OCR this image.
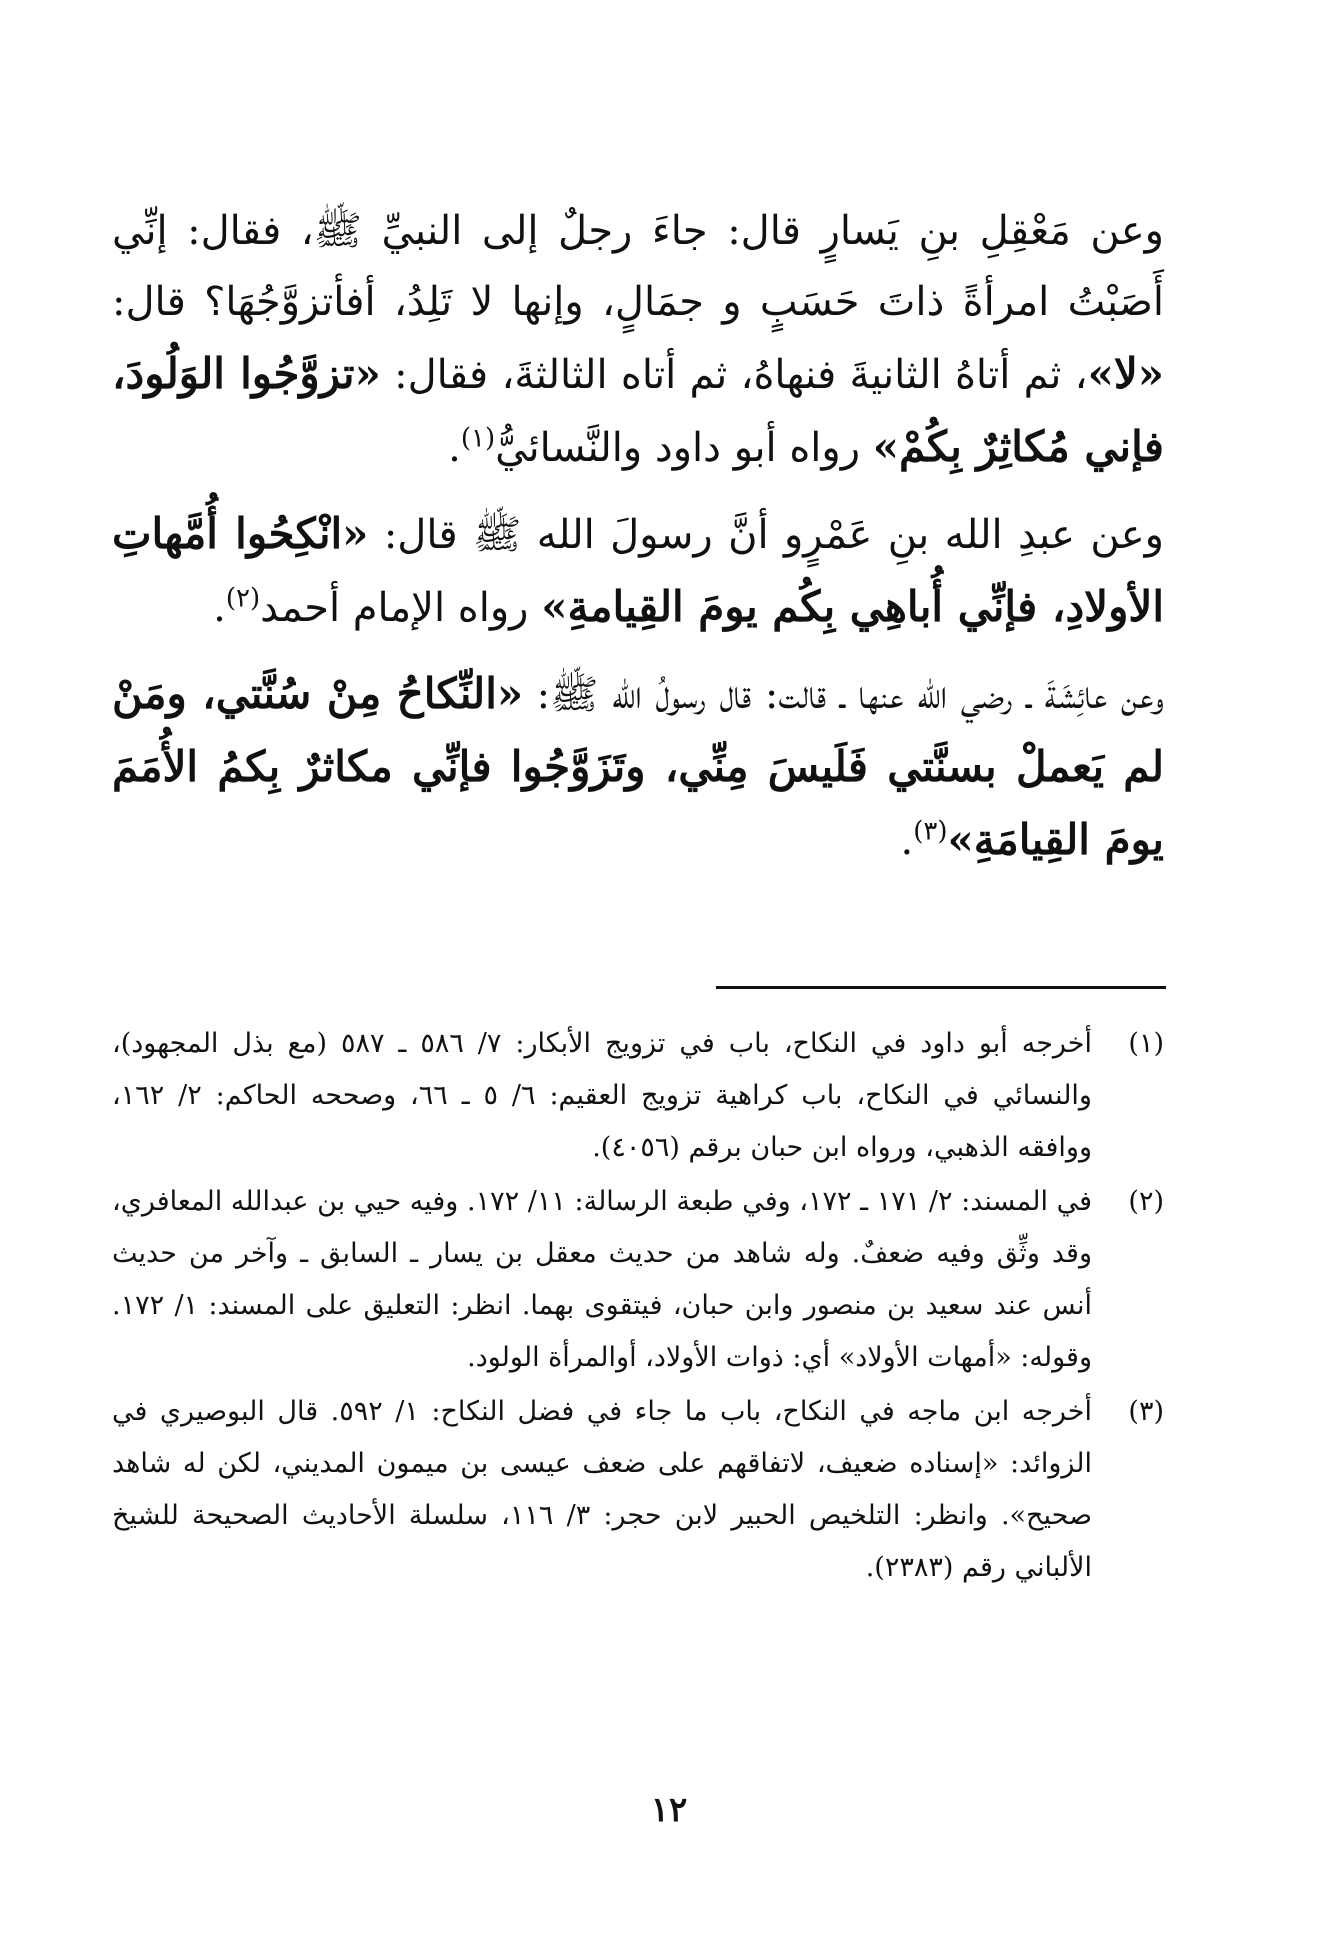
وعن مَعْقِلِ بنِ يَسارٍ قال: جاءَ رجلٌ إلى النبيِّ ﷺ، فقال: إنِّي أَصَبْتُ امرأةً ذاتَ حَسَبٍ و جمَالٍ، وإنها لا تَلِدُ، أفأتزوَّجُهَا؟ قال: «لا»، ثم أتاهُ الثانيةَ فنهاهُ، ثم أتاه الثالثةَ، فقال: «تزوَّجُوا الوَلُودَ، فإني مُكاثِرٌ بِكُمْ» رواه أبو داود والنَّسائيُّ$^{(١)}$.

وعن عبدِ الله بنِ عَمْرٍو أنَّ رسولَ الله ﷺ قال: «انْكِحُوا أُمَّهاتِ الأولادِ، فإنِّي أُباهِي بِكُم يومَ القِيامةِ» رواه الإمام أحمد$^{(٢)}$.

وعن عائِشَةَ ـ رضي الله عنها ـ قالت: قال رسولُ الله ﷺ: «النِّكاحُ مِنْ سُنَّتي، ومَنْ لم يَعملْ بسنَّتي فَلَيسَ مِنِّي، وتَزَوَّجُوا فإنِّي مكاثرٌ بِكمُ الأُمَمَ يومَ القِيامَةِ»$^{(٣)}$.

(١)
أخرجه أبو داود في النكاح، باب في تزويج الأبكار: ٧/ ٥٨٦ ـ ٥٨٧ (مع بذل المجهود)، والنسائي في النكاح، باب كراهية تزويج العقيم: ٦/ ٥ ـ ٦٦، وصححه الحاكم: ٢/ ١٦٢، ووافقه الذهبي، ورواه ابن حبان برقم (٤٠٥٦).
(٢)
في المسند: ٢/ ١٧١ ـ ١٧٢، وفي طبعة الرسالة: ١١/ ١٧٢. وفيه حيي بن عبدالله المعافري، وقد وثِّق وفيه ضعفٌ. وله شاهد من حديث معقل بن يسار ـ السابق ـ وآخر من حديث أنس عند سعيد بن منصور وابن حبان، فيتقوى بهما. انظر: التعليق على المسند: ١/ ١٧٢. وقوله: «أمهات الأولاد» أي: ذوات الأولاد، أوالمرأة الولود.
(٣)
أخرجه ابن ماجه في النكاح، باب ما جاء في فضل النكاح: ١/ ٥٩٢. قال البوصيري في الزوائد: «إسناده ضعيف، لاتفاقهم على ضعف عيسى بن ميمون المديني، لكن له شاهد صحيح». وانظر: التلخيص الحبير لابن حجر: ٣/ ١١٦، سلسلة الأحاديث الصحيحة للشيخ الألباني رقم (٢٣٨٣).
١٢
